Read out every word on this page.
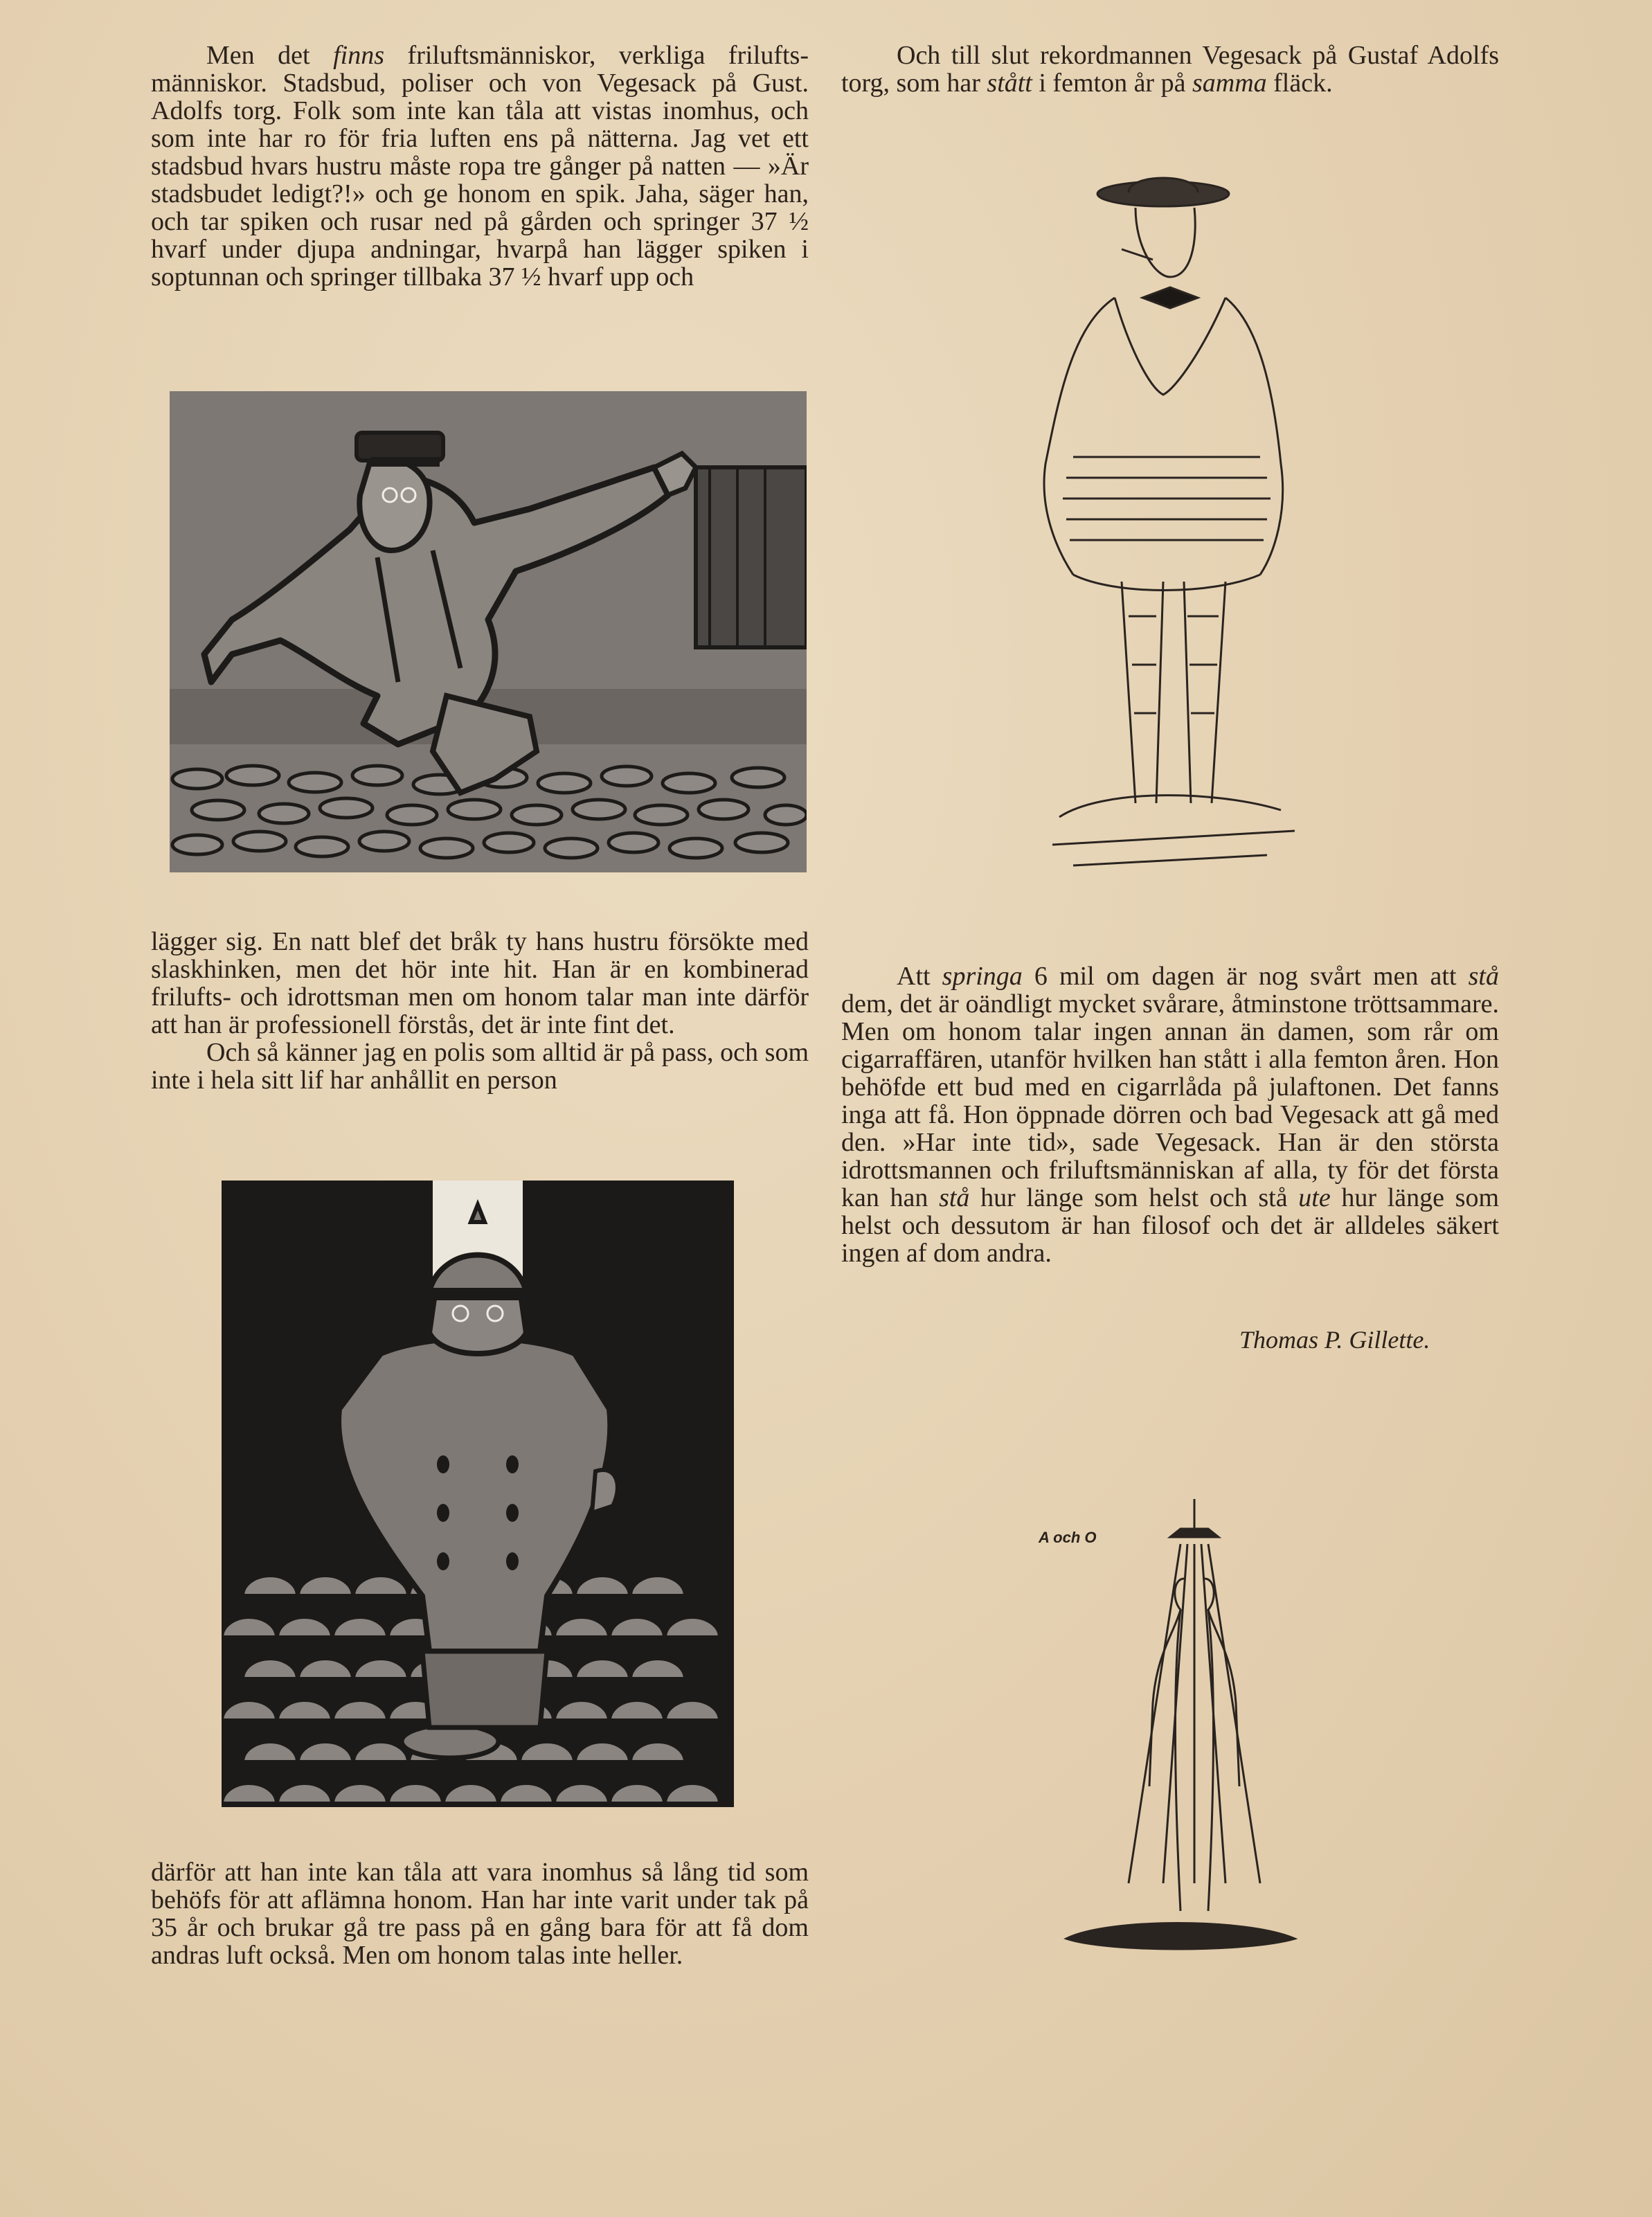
Men det finns friluftsmänniskor, verkliga frilufts-människor. Stadsbud, poliser och von Vegesack på Gust. Adolfs torg. Folk som inte kan tåla att vistas inomhus, och som inte har ro för fria luften ens på nätterna. Jag vet ett stadsbud hvars hustru måste ropa tre gånger på natten — »Är stadsbudet ledigt?!» och ge honom en spik. Jaha, säger han, och tar spiken och rusar ned på gården och springer 37 ½ hvarf under djupa andningar, hvarpå han lägger spiken i soptunnan och springer tillbaka 37 ½ hvarf upp och

lägger sig. En natt blef det bråk ty hans hustru försökte med slaskhinken, men det hör inte hit. Han är en kombinerad frilufts- och idrottsman men om honom talar man inte därför att han är professionell förstås, det är inte fint det.

Och så känner jag en polis som alltid är på pass, och som inte i hela sitt lif har anhållit en person

därför att han inte kan tåla att vara inomhus så lång tid som behöfs för att aflämna honom. Han har inte varit under tak på 35 år och brukar gå tre pass på en gång bara för att få dom andras luft också. Men om honom talas inte heller.

Och till slut rekordmannen Vegesack på Gustaf Adolfs torg, som har stått i femton år på samma fläck.

Att springa 6 mil om dagen är nog svårt men att stå dem, det är oändligt mycket svårare, åtminstone tröttsammare. Men om honom talar ingen annan än damen, som rår om cigarraffären, utanför hvilken han stått i alla femton åren. Hon behöfde ett bud med en cigarrlåda på julaftonen. Det fanns inga att få. Hon öppnade dörren och bad Vegesack att gå med den. »Har inte tid», sade Vegesack. Han är den största idrottsmannen och friluftsmänniskan af alla, ty för det första kan han stå hur länge som helst och stå ute hur länge som helst och dessutom är han filosof och det är alldeles säkert ingen af dom andra.

Thomas P. Gillette.
A och O
